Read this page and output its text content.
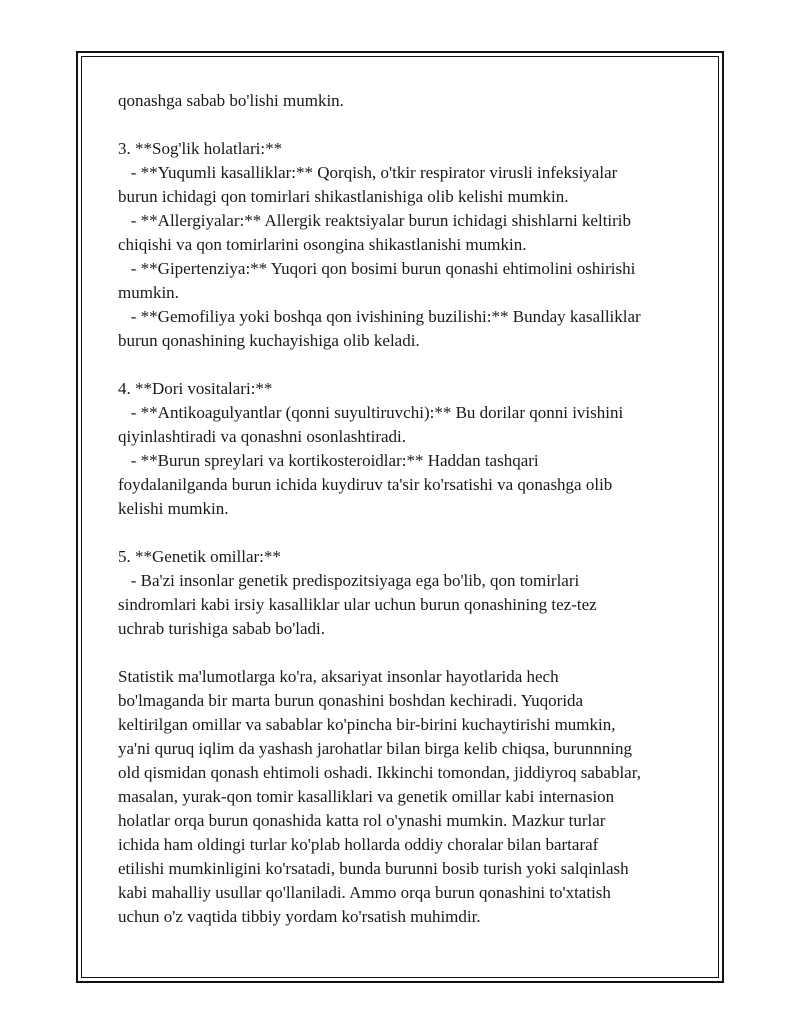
qonashga sabab bo'lishi mumkin.
3. **Sog'lik holatlari:**
- **Yuqumli kasalliklar:** Qorqish, o'tkir respirator virusli infeksiyalar
burun ichidagi qon tomirlari shikastlanishiga olib kelishi mumkin.
- **Allergiyalar:** Allergik reaktsiyalar burun ichidagi shishlarni keltirib
chiqishi va qon tomirlarini osongina shikastlanishi mumkin.
- **Gipertenziya:** Yuqori qon bosimi burun qonashi ehtimolini oshirishi
mumkin.
- **Gemofiliya yoki boshqa qon ivishining buzilishi:** Bunday kasalliklar
burun qonashining kuchayishiga olib keladi.
4. **Dori vositalari:**
- **Antikoagulyantlar (qonni suyultiruvchi):** Bu dorilar qonni ivishini
qiyinlashtiradi va qonashni osonlashtiradi.
- **Burun spreylari va kortikosteroidlar:** Haddan tashqari
foydalanilganda burun ichida kuydiruv ta'sir ko'rsatishi va qonashga olib
kelishi mumkin.
5. **Genetik omillar:**
- Ba'zi insonlar genetik predispozitsiyaga ega bo'lib, qon tomirlari
sindromlari kabi irsiy kasalliklar ular uchun burun qonashining tez-tez
uchrab turishiga sabab bo'ladi.
Statistik ma'lumotlarga ko'ra, aksariyat insonlar hayotlarida hech
bo'lmaganda bir marta burun qonashini boshdan kechiradi. Yuqorida
keltirilgan omillar va sabablar ko'pincha bir-birini kuchaytirishi mumkin,
ya'ni quruq iqlim da yashash jarohatlar bilan birga kelib chiqsa, burunnning
old qismidan qonash ehtimoli oshadi. Ikkinchi tomondan, jiddiyroq sabablar,
masalan, yurak-qon tomir kasalliklari va genetik omillar kabi internasion
holatlar orqa burun qonashida katta rol o'ynashi mumkin. Mazkur turlar
ichida ham oldingi turlar ko'plab hollarda oddiy choralar bilan bartaraf
etilishi mumkinligini ko'rsatadi, bunda burunni bosib turish yoki salqinlash
kabi mahalliy usullar qo'llaniladi. Ammo orqa burun qonashini to'xtatish
uchun o'z vaqtida tibbiy yordam ko'rsatish muhimdir.
